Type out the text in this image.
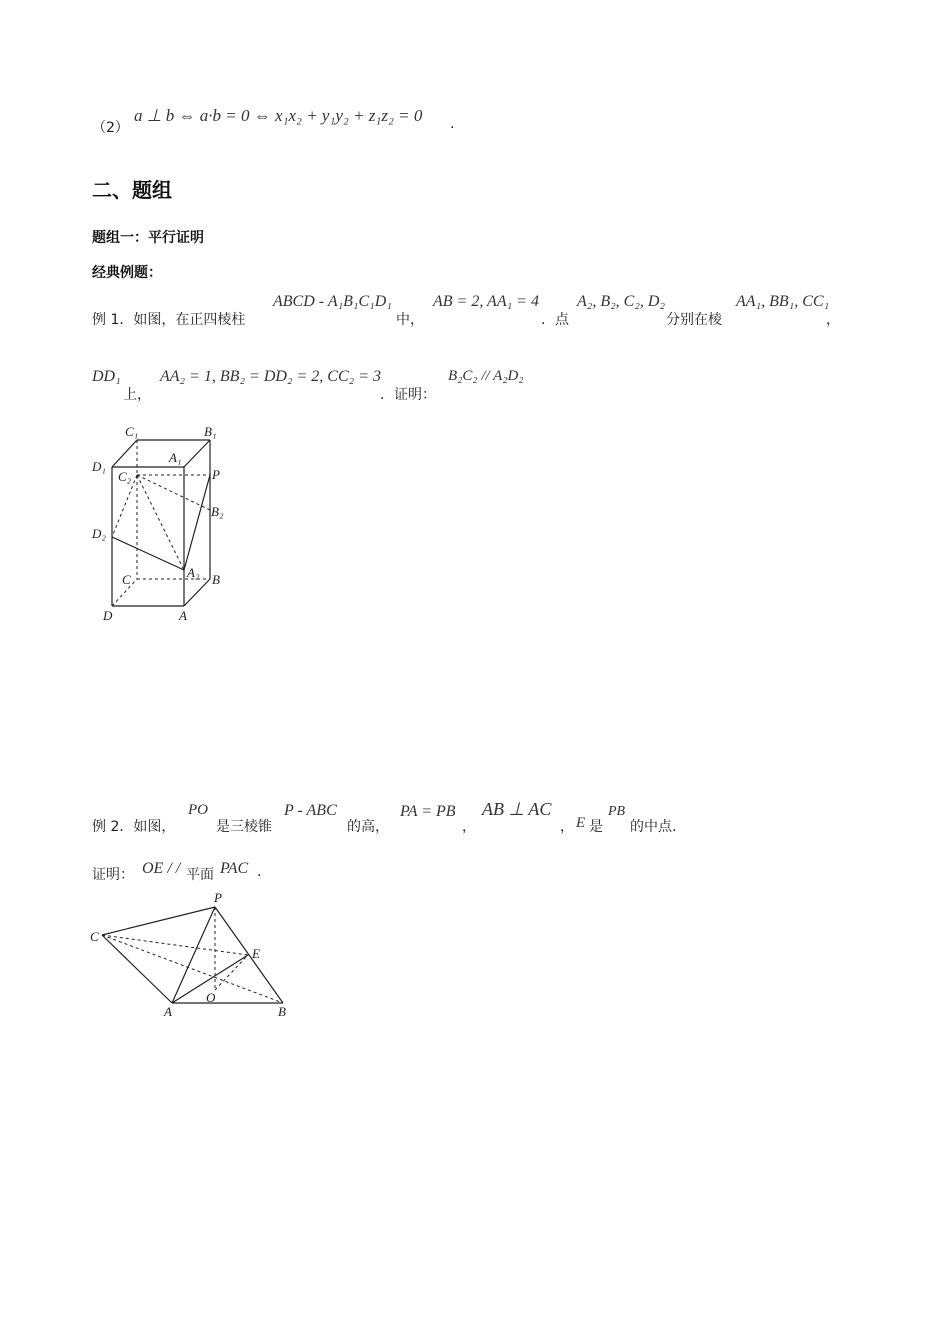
（2）
a ⊥ b ⇔ a·b = 0 ⇔ x₁x₂ + y₁y₂ + z₁z₂ = 0 .
二、题组
题组一：平行证明
经典例题：
例 1．如图，在正四棱柱
ABCD - A₁B₁C₁D₁
中，
AB = 2, AA₁ = 4
．点
A₂, B₂, C₂, D₂
分别在棱
AA₁, BB₁, CC₁
，
DD₁
上，
AA₂ = 1, BB₂ = DD₂ = 2, CC₂ = 3
．证明：
B₂C₂ // A₂D₂
C₁	B₁
A₁
D₁
C₂	P
B₂
D₂
A₂
C	B
D	A
例 2．如图，
PO
是三棱锥
P - ABC
的高，
PA = PB
，
AB ⊥ AC
， E 是
PB
的中点.
证明： OE / / 平面 PAC .
P
C
E
O
A	B
